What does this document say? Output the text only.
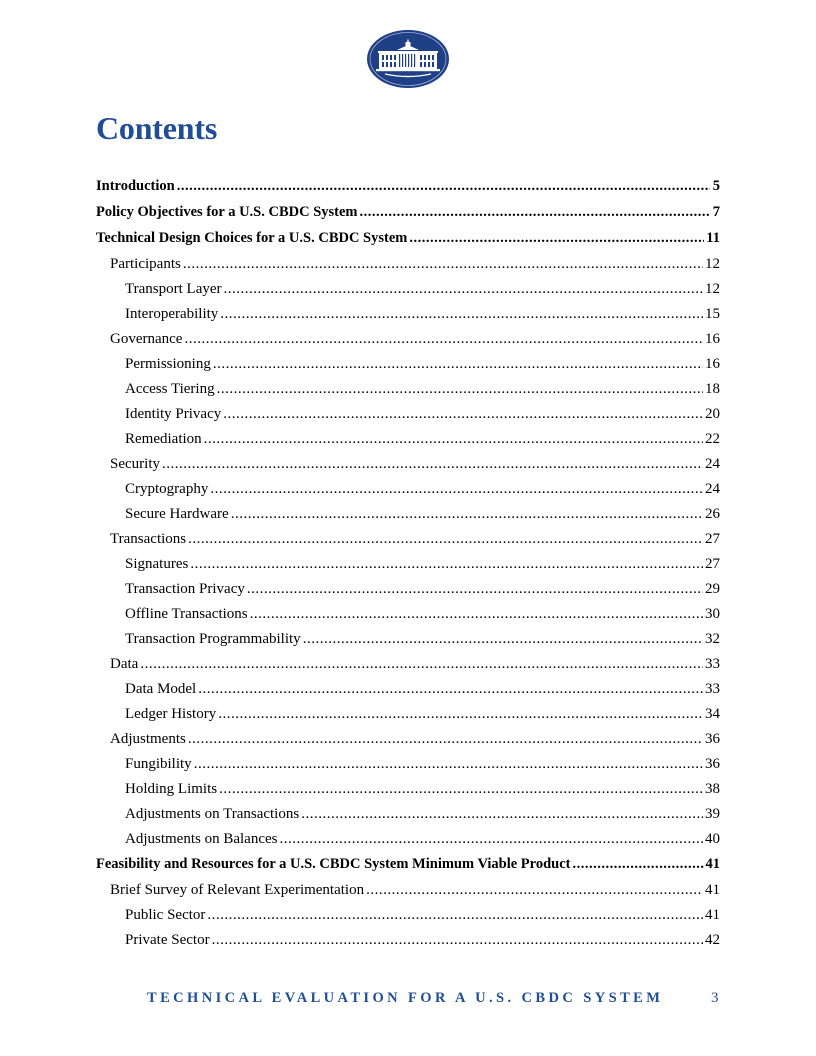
Contents
Introduction .....	5
Policy Objectives for a U.S. CBDC System .....	7
Technical Design Choices for a U.S. CBDC System .....	11
Participants .....	12
Transport Layer .....	12
Interoperability .....	15
Governance .....	16
Permissioning .....	16
Access Tiering .....	18
Identity Privacy .....	20
Remediation .....	22
Security .....	24
Cryptography .....	24
Secure Hardware .....	26
Transactions .....	27
Signatures .....	27
Transaction Privacy .....	29
Offline Transactions .....	30
Transaction Programmability .....	32
Data .....	33
Data Model .....	33
Ledger History .....	34
Adjustments .....	36
Fungibility .....	36
Holding Limits .....	38
Adjustments on Transactions .....	39
Adjustments on Balances .....	40
Feasibility and Resources for a U.S. CBDC System Minimum Viable Product .....	41
Brief Survey of Relevant Experimentation .....	41
Public Sector .....	41
Private Sector .....	42
TECHNICAL EVALUATION FOR A U.S. CBDC SYSTEM	3
